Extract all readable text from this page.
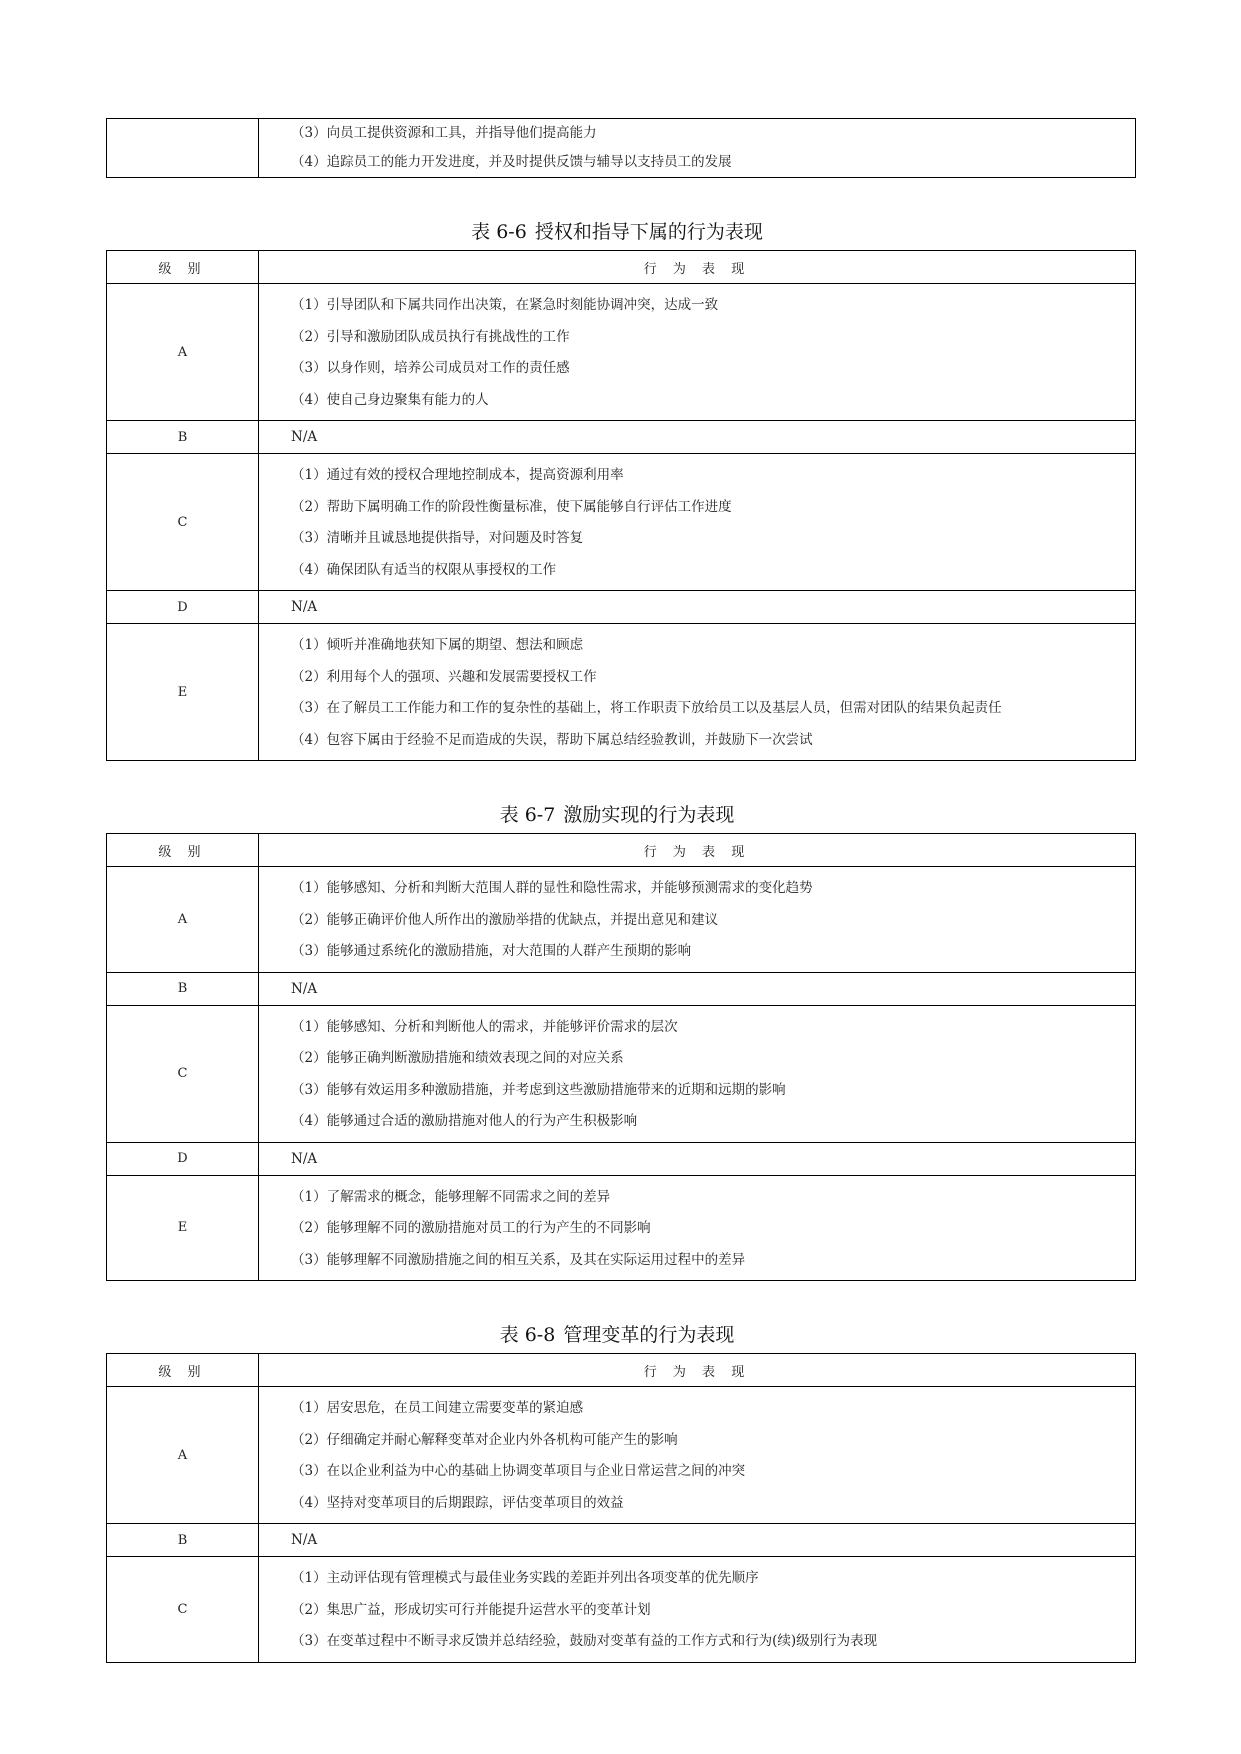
（3）向员工提供资源和工具，并指导他们提高能力
（4）追踪员工的能力开发进度，并及时提供反馈与辅导以支持员工的发展
表 6-6 授权和指导下属的行为表现
级 别	行 为 表 现
A	（1）引导团队和下属共同作出决策，在紧急时刻能协调冲突，达成一致
（2）引导和激励团队成员执行有挑战性的工作
（3）以身作则，培养公司成员对工作的责任感
（4）使自己身边聚集有能力的人

B	N/A
C	（1）通过有效的授权合理地控制成本，提高资源利用率
（2）帮助下属明确工作的阶段性衡量标准，使下属能够自行评估工作进度
（3）清晰并且诚恳地提供指导，对问题及时答复
（4）确保团队有适当的权限从事授权的工作

D	N/A
E	（1）倾听并准确地获知下属的期望、想法和顾虑
（2）利用每个人的强项、兴趣和发展需要授权工作
（3）在了解员工工作能力和工作的复杂性的基础上，将工作职责下放给员工以及基层人员，但需对团队的结果负起责任
（4）包容下属由于经验不足而造成的失误，帮助下属总结经验教训，并鼓励下一次尝试
表 6-7 激励实现的行为表现
级 别	行 为 表 现
A	（1）能够感知、分析和判断大范围人群的显性和隐性需求，并能够预测需求的变化趋势
（2）能够正确评价他人所作出的激励举措的优缺点，并提出意见和建议
（3）能够通过系统化的激励措施，对大范围的人群产生预期的影响

B	N/A
C	（1）能够感知、分析和判断他人的需求，并能够评价需求的层次
（2）能够正确判断激励措施和绩效表现之间的对应关系
（3）能够有效运用多种激励措施，并考虑到这些激励措施带来的近期和远期的影响
（4）能够通过合适的激励措施对他人的行为产生积极影响

D	N/A
E	（1）了解需求的概念，能够理解不同需求之间的差异
（2）能够理解不同的激励措施对员工的行为产生的不同影响
（3）能够理解不同激励措施之间的相互关系，及其在实际运用过程中的差异
表 6-8 管理变革的行为表现
级 别	行 为 表 现
A	（1）居安思危，在员工间建立需要变革的紧迫感
（2）仔细确定并耐心解释变革对企业内外各机构可能产生的影响
（3）在以企业利益为中心的基础上协调变革项目与企业日常运营之间的冲突
（4）坚持对变革项目的后期跟踪，评估变革项目的效益

B	N/A
C	（1）主动评估现有管理模式与最佳业务实践的差距并列出各项变革的优先顺序
（2）集思广益，形成切实可行并能提升运营水平的变革计划
（3）在变革过程中不断寻求反馈并总结经验，鼓励对变革有益的工作方式和行为(续)级别行为表现
